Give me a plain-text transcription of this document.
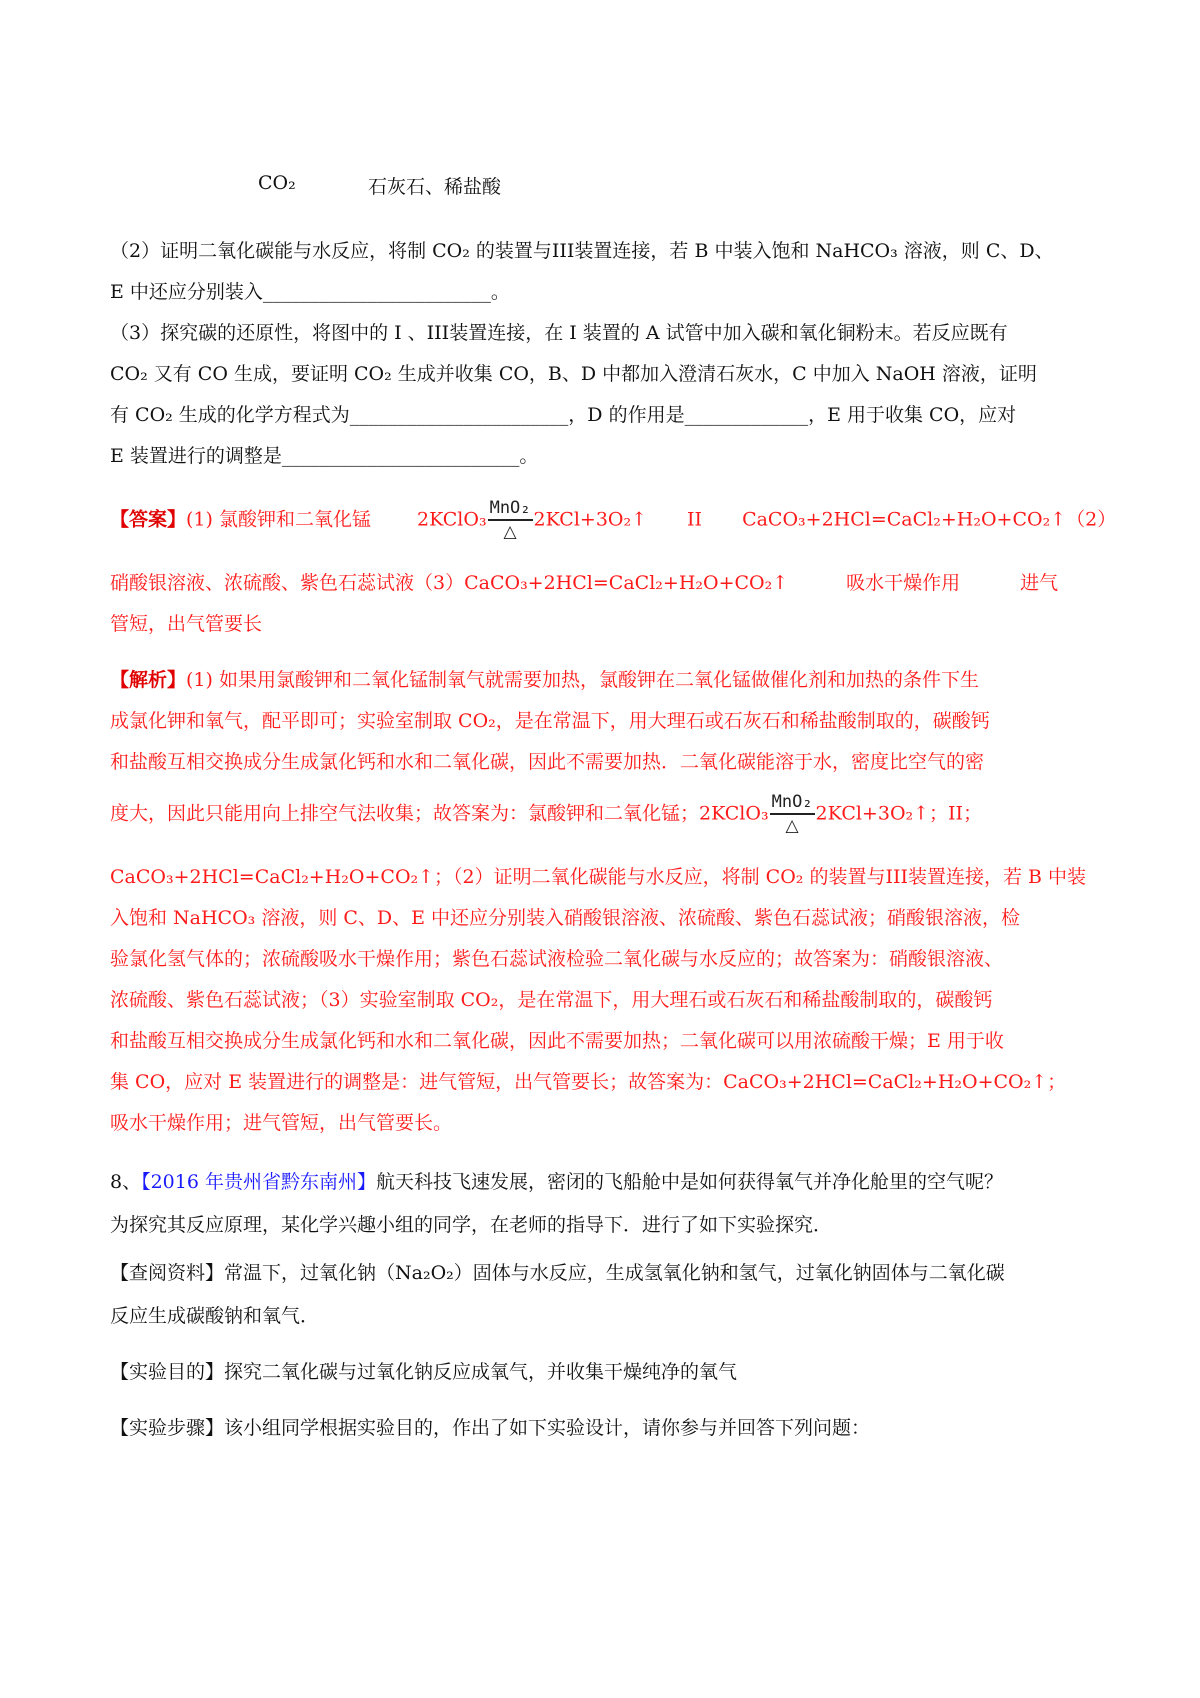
CO₂	石灰石、稀盐酸
（2）证明二氧化碳能与水反应，将制 CO₂ 的装置与III装置连接，若 B 中装入饱和 NaHCO₃ 溶液，则 C、D、
E 中还应分别装入________________________。
（3）探究碳的还原性，将图中的 I 、III装置连接，在 I 装置的 A 试管中加入碳和氧化铜粉末。若反应既有
CO₂ 又有 CO 生成，要证明 CO₂ 生成并收集 CO，B、D 中都加入澄清石灰水，C 中加入 NaOH 溶液，证明
有 CO₂ 生成的化学方程式为_______________________，D 的作用是_____________，E 用于收集 CO，应对
E 装置进行的调整是_________________________。
【答案】(1) 氯酸钾和二氧化锰 2KClO₃ $\frac{\text{MnO₂}}{\triangle}$ 2KCl+3O₂↑ II CaCO₃+2HCl=CaCl₂+H₂O+CO₂↑（2）
硝酸银溶液、浓硫酸、紫色石蕊试液（3）CaCO₃+2HCl=CaCl₂+H₂O+CO₂↑	吸水干燥作用	进气
管短，出气管要长
【解析】(1) 如果用氯酸钾和二氧化锰制氧气就需要加热，氯酸钾在二氧化锰做催化剂和加热的条件下生
成氯化钾和氧气，配平即可；实验室制取 CO₂，是在常温下，用大理石或石灰石和稀盐酸制取的，碳酸钙
和盐酸互相交换成分生成氯化钙和水和二氧化碳，因此不需要加热．二氧化碳能溶于水，密度比空气的密
度大，因此只能用向上排空气法收集；故答案为：氯酸钾和二氧化锰；2KClO₃ $\frac{\text{MnO₂}}{\triangle}$ 2KCl+3O₂↑；II；
CaCO₃+2HCl=CaCl₂+H₂O+CO₂↑；（2）证明二氧化碳能与水反应，将制 CO₂ 的装置与III装置连接，若 B 中装
入饱和 NaHCO₃ 溶液，则 C、D、E 中还应分别装入硝酸银溶液、浓硫酸、紫色石蕊试液；硝酸银溶液，检
验氯化氢气体的；浓硫酸吸水干燥作用；紫色石蕊试液检验二氧化碳与水反应的；故答案为：硝酸银溶液、
浓硫酸、紫色石蕊试液；（3）实验室制取 CO₂，是在常温下，用大理石或石灰石和稀盐酸制取的，碳酸钙
和盐酸互相交换成分生成氯化钙和水和二氧化碳，因此不需要加热；二氧化碳可以用浓硫酸干燥；E 用于收
集 CO，应对 E 装置进行的调整是：进气管短，出气管要长；故答案为：CaCO₃+2HCl=CaCl₂+H₂O+CO₂↑；
吸水干燥作用；进气管短，出气管要长。
8、【2016 年贵州省黔东南州】航天科技飞速发展，密闭的飞船舱中是如何获得氧气并净化舱里的空气呢？
为探究其反应原理，某化学兴趣小组的同学，在老师的指导下．进行了如下实验探究．
【查阅资料】常温下，过氧化钠（Na₂O₂）固体与水反应，生成氢氧化钠和氢气，过氧化钠固体与二氧化碳
反应生成碳酸钠和氧气．
【实验目的】探究二氧化碳与过氧化钠反应成氧气，并收集干燥纯净的氧气
【实验步骤】该小组同学根据实验目的，作出了如下实验设计，请你参与并回答下列问题：
